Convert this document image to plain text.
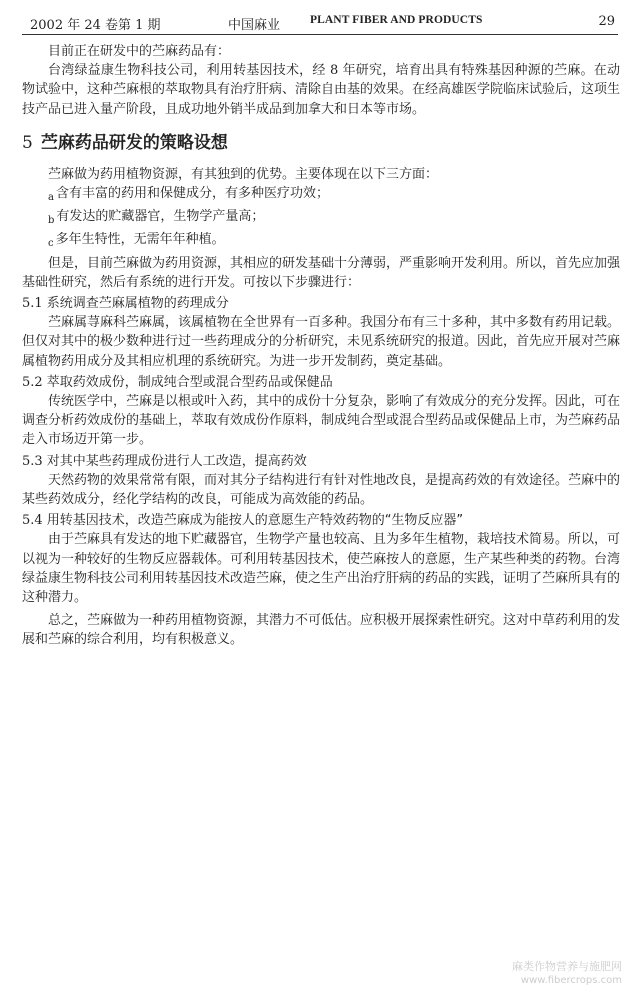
2002 年 24 卷第 1 期	中国麻业	PLANT FIBER AND PRODUCTS	29

目前正在研发中的苎麻药品有：

台湾绿益康生物科技公司，利用转基因技术，经 8 年研究，培育出具有特殊基因种源的苎麻。在动物试验中，这种苎麻根的萃取物具有治疗肝病、清除自由基的效果。在经高雄医学院临床试验后，这项生技产品已进入量产阶段，且成功地外销半成品到加拿大和日本等市场。

5 苎麻药品研发的策略设想

苎麻做为药用植物资源，有其独到的优势。主要体现在以下三方面：

$_a$ 含有丰富的药用和保健成分，有多种医疗功效；
$_b$ 有发达的贮藏器官，生物学产量高；
$_c$ 多年生特性，无需年年种植。

但是，目前苎麻做为药用资源，其相应的研发基础十分薄弱，严重影响开发利用。所以，首先应加强基础性研究，然后有系统的进行开发。可按以下步骤进行：

5.1 系统调查苎麻属植物的药理成分

苎麻属荨麻科苎麻属，该属植物在全世界有一百多种。我国分布有三十多种，其中多数有药用记载。但仅对其中的极少数种进行过一些药理成分的分析研究，未见系统研究的报道。因此，首先应开展对苎麻属植物药用成分及其相应机理的系统研究。为进一步开发制药，奠定基础。

5.2 萃取药效成份，制成纯合型或混合型药品或保健品

传统医学中，苎麻是以根或叶入药，其中的成份十分复杂，影响了有效成分的充分发挥。因此，可在调查分析药效成份的基础上，萃取有效成份作原料，制成纯合型或混合型药品或保健品上市，为苎麻药品走入市场迈开第一步。

5.3 对其中某些药理成份进行人工改造，提高药效

天然药物的效果常常有限，而对其分子结构进行有针对性地改良，是提高药效的有效途径。苎麻中的某些药效成分，经化学结构的改良，可能成为高效能的药品。

5.4 用转基因技术，改造苎麻成为能按人的意愿生产特效药物的“生物反应器”

由于苎麻具有发达的地下贮藏器官，生物学产量也较高、且为多年生植物，栽培技术简易。所以，可以视为一种较好的生物反应器载体。可利用转基因技术，使苎麻按人的意愿，生产某些种类的药物。台湾绿益康生物科技公司利用转基因技术改造苎麻，使之生产出治疗肝病的药品的实践，证明了苎麻所具有的这种潜力。

总之，苎麻做为一种药用植物资源，其潜力不可低估。应积极开展探索性研究。这对中草药利用的发展和苎麻的综合利用，均有积极意义。

麻类作物营养与施肥网
www.fibercrops.com
